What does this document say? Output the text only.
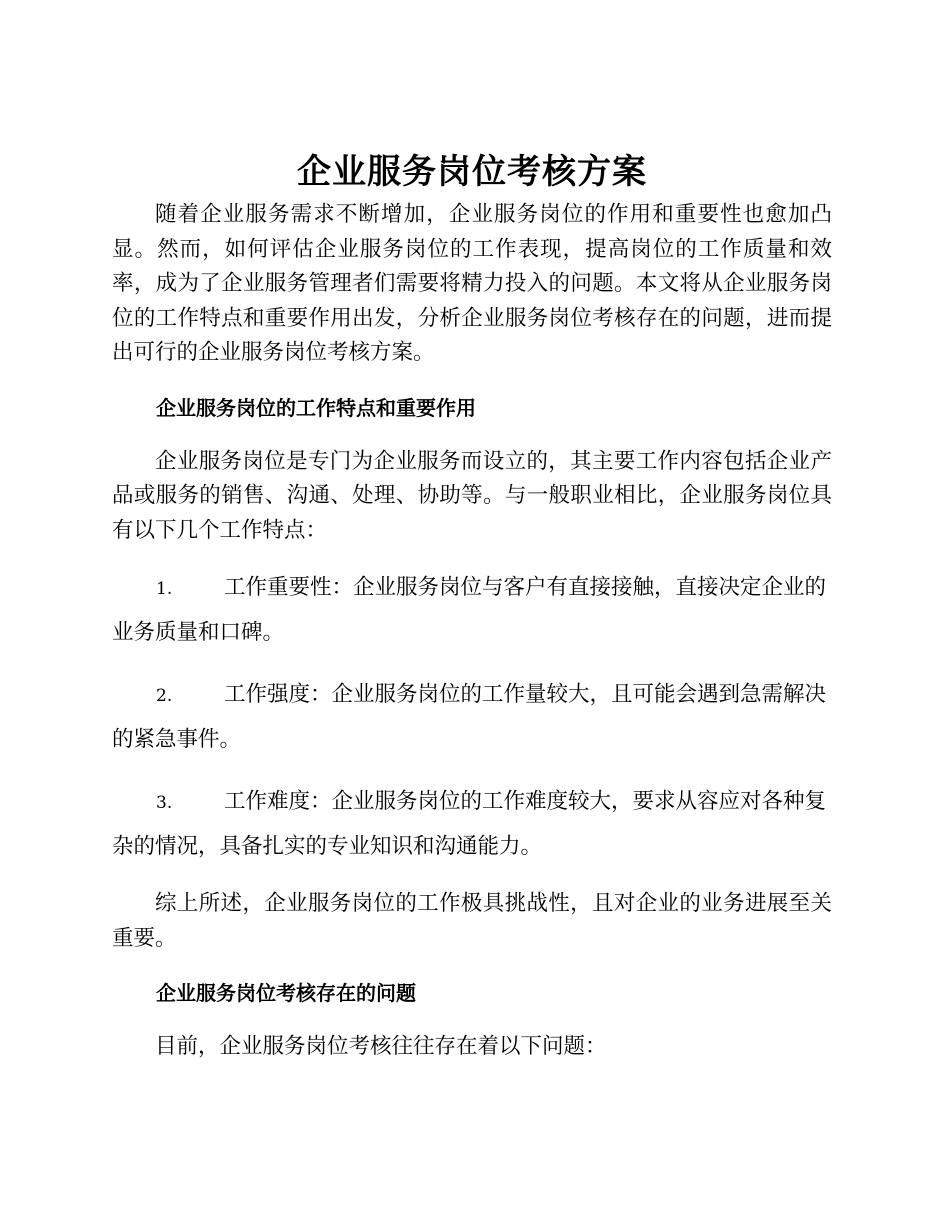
企业服务岗位考核方案

随着企业服务需求不断增加，企业服务岗位的作用和重要性也愈加凸显。然而，如何评估企业服务岗位的工作表现，提高岗位的工作质量和效率，成为了企业服务管理者们需要将精力投入的问题。本文将从企业服务岗位的工作特点和重要作用出发，分析企业服务岗位考核存在的问题，进而提出可行的企业服务岗位考核方案。

企业服务岗位的工作特点和重要作用

企业服务岗位是专门为企业服务而设立的，其主要工作内容包括企业产品或服务的销售、沟通、处理、协助等。与一般职业相比，企业服务岗位具有以下几个工作特点：

1. 工作重要性：企业服务岗位与客户有直接接触，直接决定企业的业务质量和口碑。

2. 工作强度：企业服务岗位的工作量较大，且可能会遇到急需解决的紧急事件。

3. 工作难度：企业服务岗位的工作难度较大，要求从容应对各种复杂的情况，具备扎实的专业知识和沟通能力。

综上所述，企业服务岗位的工作极具挑战性，且对企业的业务进展至关重要。

企业服务岗位考核存在的问题

目前，企业服务岗位考核往往存在着以下问题：
